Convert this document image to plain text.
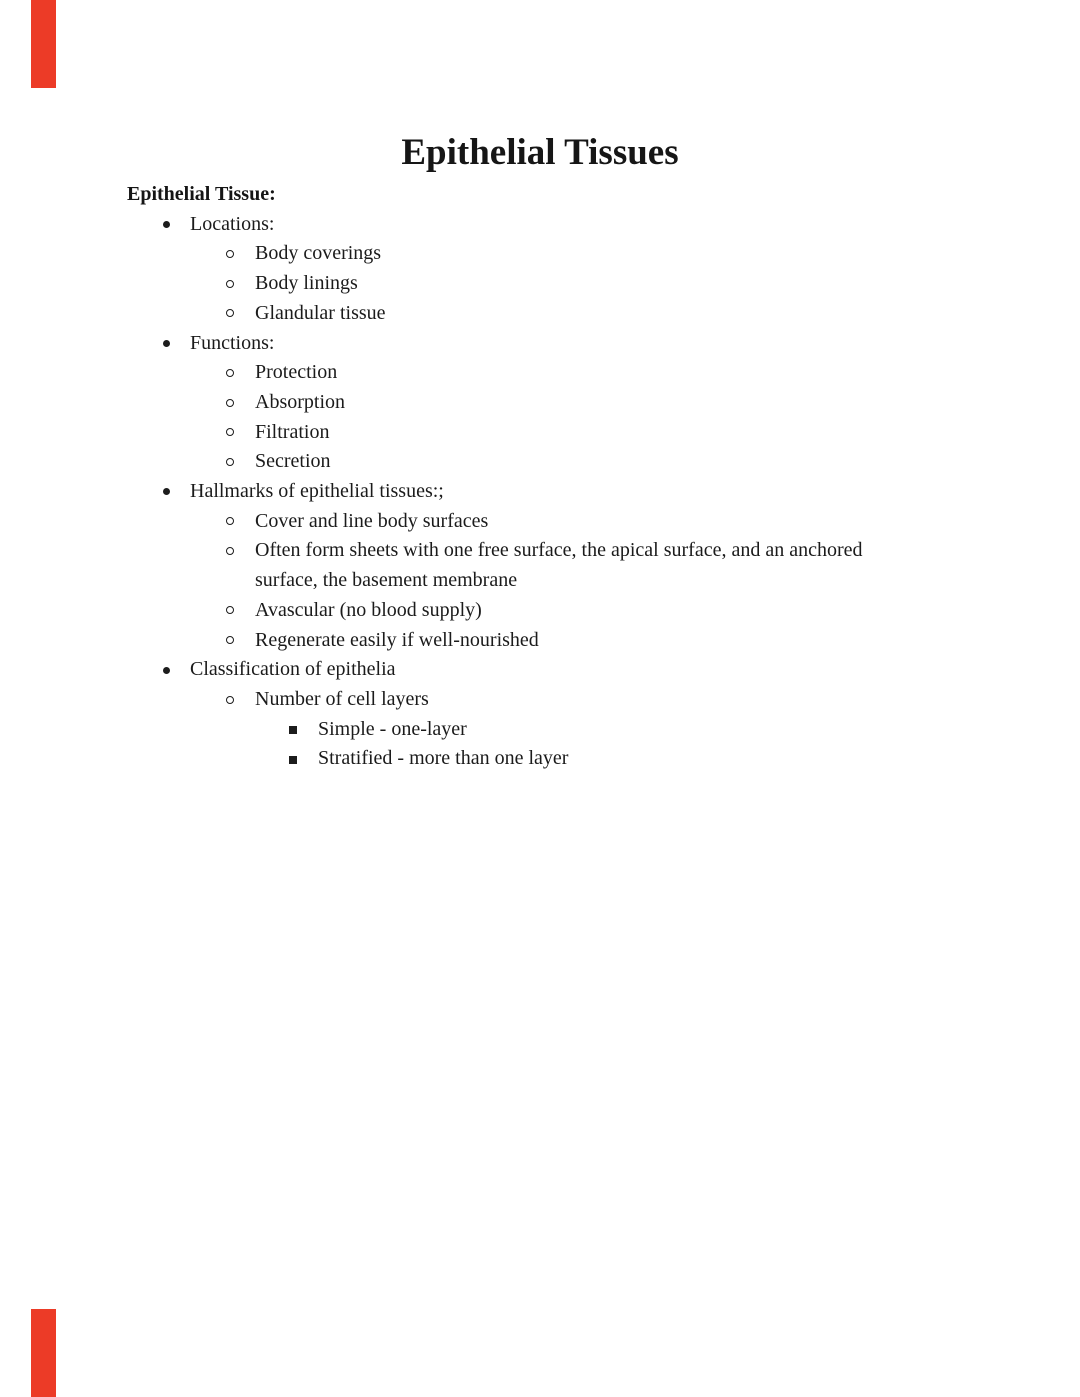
Epithelial Tissues
Epithelial Tissue:
Locations:
Body coverings
Body linings
Glandular tissue
Functions:
Protection
Absorption
Filtration
Secretion
Hallmarks of epithelial tissues:;
Cover and line body surfaces
Often form sheets with one free surface, the apical surface, and an anchored
surface, the basement membrane
Avascular (no blood supply)
Regenerate easily if well-nourished
Classification of epithelia
Number of cell layers
Simple - one-layer
Stratified - more than one layer
